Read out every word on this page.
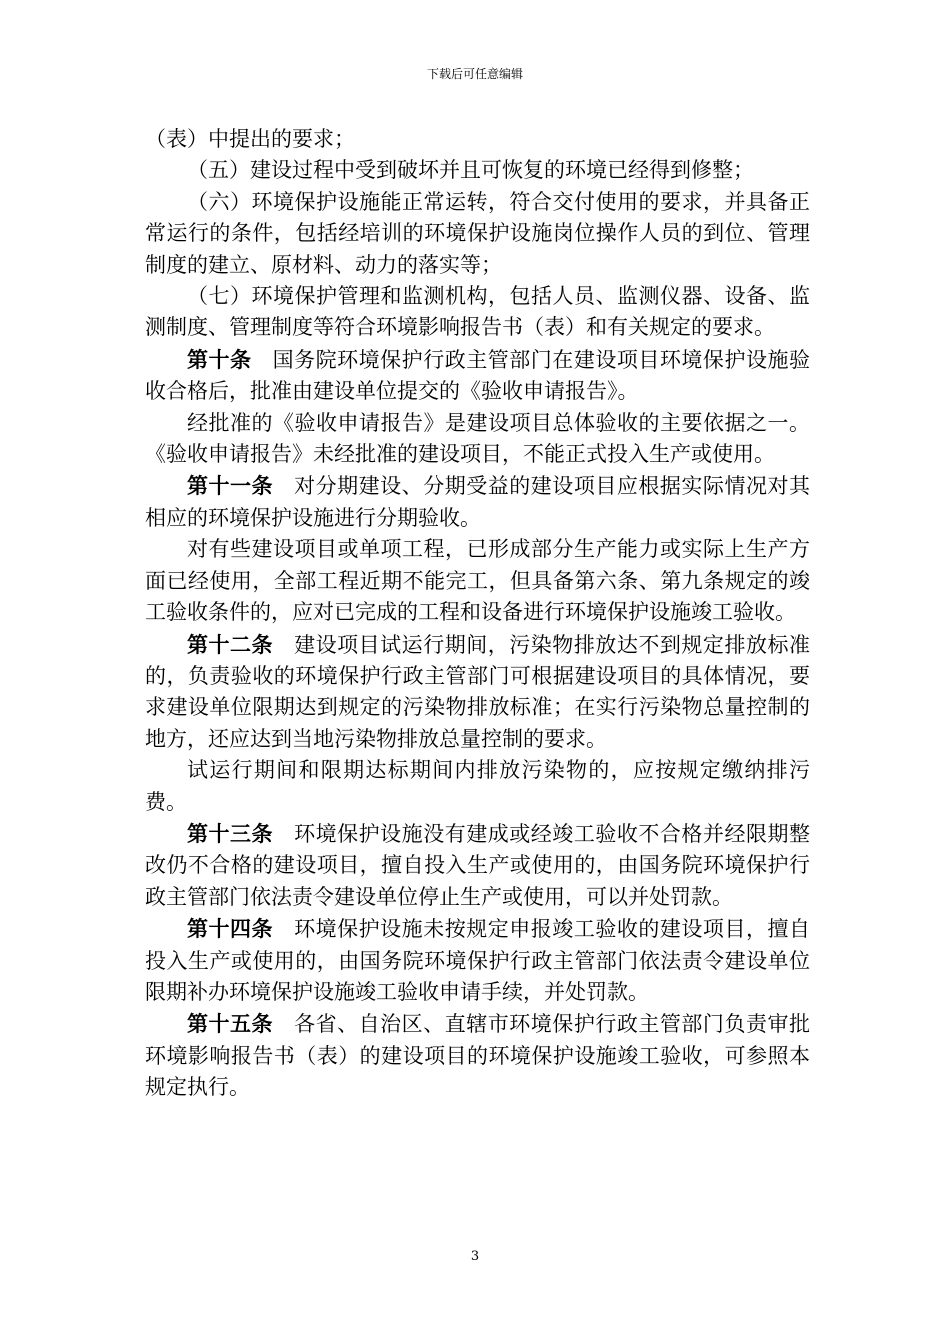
下载后可任意编辑

（表）中提出的要求；

（五）建设过程中受到破坏并且可恢复的环境已经得到修整；

（六）环境保护设施能正常运转，符合交付使用的要求，并具备正常运行的条件，包括经培训的环境保护设施岗位操作人员的到位、管理制度的建立、原材料、动力的落实等；

（七）环境保护管理和监测机构，包括人员、监测仪器、设备、监测制度、管理制度等符合环境影响报告书（表）和有关规定的要求。

第十条 国务院环境保护行政主管部门在建设项目环境保护设施验收合格后，批准由建设单位提交的《验收申请报告》。

经批准的《验收申请报告》是建设项目总体验收的主要依据之一。《验收申请报告》未经批准的建设项目，不能正式投入生产或使用。

第十一条 对分期建设、分期受益的建设项目应根据实际情况对其相应的环境保护设施进行分期验收。

对有些建设项目或单项工程，已形成部分生产能力或实际上生产方面已经使用，全部工程近期不能完工，但具备第六条、第九条规定的竣工验收条件的，应对已完成的工程和设备进行环境保护设施竣工验收。

第十二条 建设项目试运行期间，污染物排放达不到规定排放标准的，负责验收的环境保护行政主管部门可根据建设项目的具体情况，要求建设单位限期达到规定的污染物排放标准；在实行污染物总量控制的地方，还应达到当地污染物排放总量控制的要求。

试运行期间和限期达标期间内排放污染物的，应按规定缴纳排污费。

第十三条 环境保护设施没有建成或经竣工验收不合格并经限期整改仍不合格的建设项目，擅自投入生产或使用的，由国务院环境保护行政主管部门依法责令建设单位停止生产或使用，可以并处罚款。

第十四条 环境保护设施未按规定申报竣工验收的建设项目，擅自投入生产或使用的，由国务院环境保护行政主管部门依法责令建设单位限期补办环境保护设施竣工验收申请手续，并处罚款。

第十五条 各省、自治区、直辖市环境保护行政主管部门负责审批环境影响报告书（表）的建设项目的环境保护设施竣工验收，可参照本规定执行。

3
